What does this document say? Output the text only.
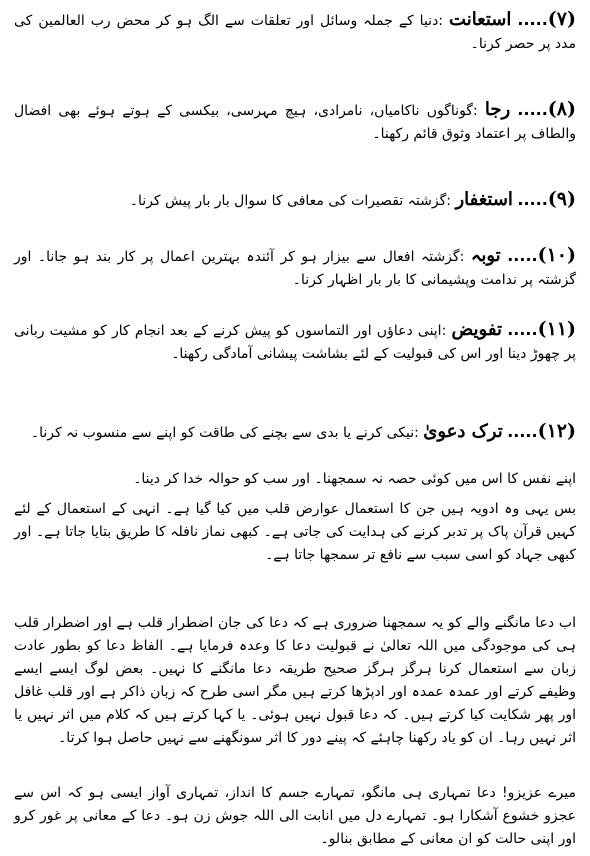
(۷)..... استعانت :دنیا کے جملہ وسائل اور تعلقات سے الگ ہو کر محض رب العالمین کی مدد پر حصر کرنا۔

(۸)..... رجا :گوناگوں ناکامیاں، نامرادی، ہیچ مہرسی، بیکسی کے ہوتے ہوئے بھی افضال والطاف پر اعتماد وثوق قائم رکھنا۔

(۹)..... استغفار :گزشتہ تقصیرات کی معافی کا سوال بار بار پیش کرنا۔

(۱۰)..... توبہ :گزشتہ افعال سے بیزار ہو کر آئندہ بہترین اعمال پر کار بند ہو جانا۔ اور گزشتہ پر ندامت وپشیمانی کا بار بار اظہار کرنا۔

(۱۱)..... تفویض :اپنی دعاؤں اور التماسوں کو پیش کرنے کے بعد انجام کار کو مشیت ربانی پر چھوڑ دینا اور اس کی قبولیت کے لئے بشاشت پیشانی آمادگی رکھنا۔

(۱۲)..... ترک دعویٰ :نیکی کرنے یا بدی سے بچنے کی طاقت کو اپنے سے منسوب نہ کرنا۔

اپنے نفس کا اس میں کوئی حصہ نہ سمجھنا۔ اور سب کو حوالہ خدا کر دینا۔

بس یہی وہ ادویہ ہیں جن کا استعمال عوارض قلب میں کیا گیا ہے۔ انہی کے استعمال کے لئے کہیں قرآن پاک پر تدبر کرنے کی ہدایت کی جاتی ہے۔ کبھی نماز نافلہ کا طریق بتایا جاتا ہے۔ اور کبھی جہاد کو اسی سبب سے نافع تر سمجھا جاتا ہے۔

اب دعا مانگنے والے کو یہ سمجھنا ضروری ہے کہ دعا کی جان اضطرار قلب ہے اور اضطرار قلب ہی کی موجودگی میں اللہ تعالیٰ نے قبولیت دعا کا وعدہ فرمایا ہے۔ الفاظ دعا کو بطور عادت زبان سے استعمال کرنا ہرگز ہرگز صحیح طریقہ دعا مانگنے کا نہیں۔ بعض لوگ ایسے ایسے وظیفے کرتے اور عمدہ عمدہ اور ادپڑھا کرتے ہیں مگر اسی طرح کہ زبان ذاکر ہے اور قلب غافل اور پھر شکایت کیا کرتے ہیں۔ کہ دعا قبول نہیں ہوئی۔ یا کہا کرتے ہیں کہ کلام میں اثر نہیں یا اثر نہیں رہا۔ ان کو یاد رکھنا چاہئے کہ پینے دور کا اثر سونگھنے سے نہیں حاصل ہوا کرتا۔

میرے عزیزو! دعا تمہاری ہی مانگو، تمہارے جسم کا انداز، تمہاری آواز ایسی ہو کہ اس سے عجزو خشوع آشکارا ہو۔ تمہارے دل میں انابت الی اللہ جوش زن ہو۔ دعا کے معانی پر غور کرو اور اپنی حالت کو ان معانی کے مطابق بنالو۔
